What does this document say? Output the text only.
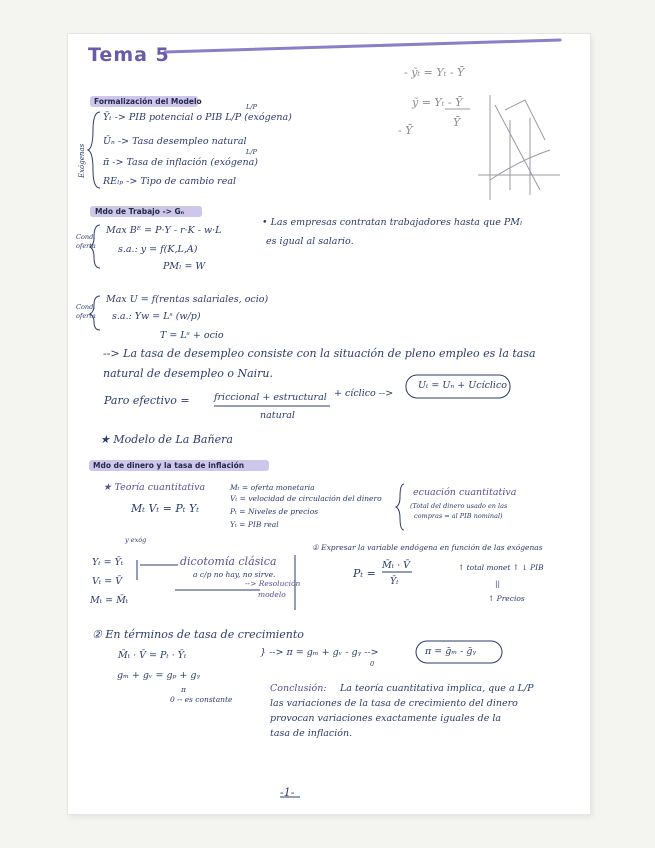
Tema 5
- ỹₜ = Yₜ - Ȳ
ỹ = Yₜ - Ȳ
Ȳ
- Ȳ
Formalización del Modelo
Exógenas
L/P
L/P
Ȳₜ -> PIB potencial o PIB L/P (exógena)
Ūₙ -> Tasa desempleo natural
π̄ -> Tasa de inflación (exógena)
REₗₚ -> Tipo de cambio real
Mdo de Trabajo -> Gₙ
Cond.
oferta
Max Bᴱ = P·Y - r·K - w·L
s.a.: y = f(K,L,A)
PMₗ = W
• Las empresas contratan trabajadores hasta que PMₗ
es igual al salario.
Cond.
oferta
Max U = f(rentas salariales, ocio)
s.a.: Yw = Lˢ (w/p)
T = Lˢ + ocio
--> La tasa de desempleo consiste con la situación de pleno empleo es la tasa
natural de desempleo o Nairu.
Paro efectivo =	friccional + estructural + cíclico -->
natural
Uₜ = Uₙ + Ucíclico
★ Modelo de La Bañera
Mdo de dinero y la tasa de inflación
★ Teoría cuantitativa
Mₜ Vₜ = Pₜ Yₜ
Mₜ = oferta monetaria
Vₜ = velocidad de circulación del dinero
Pₜ = Niveles de precios
Yₜ = PIB real
ecuación cuantitativa
(Total del dinero usado en las
compras = al PIB nominal)
y exóg
Yₜ = Ȳₜ
Vₜ = V̄
Mₜ = M̄ₜ
dicotomía clásica
a c/p no hay, no sirve.
--> Resolución
modelo
① Expresar la variable endógena en función de las exógenas
Pₜ =
M̄ₜ · V̄
Ȳₜ
↑ total monet ↑ ↓ PIB
||
↑ Precios
② En términos de tasa de crecimiento
M̄ₜ · V̄ = Pₜ · Ȳₜ
gₘ + gᵥ = gₚ + gᵧ
π
0 -- es constante
} --> π = gₘ + gᵥ - gᵧ -->
0
π = ḡₘ - ḡᵧ
Conclusión: La teoría cuantitativa implica, que a L/P
las variaciones de la tasa de crecimiento del dinero
provocan variaciones exactamente iguales de la
tasa de inflación.
-1-
